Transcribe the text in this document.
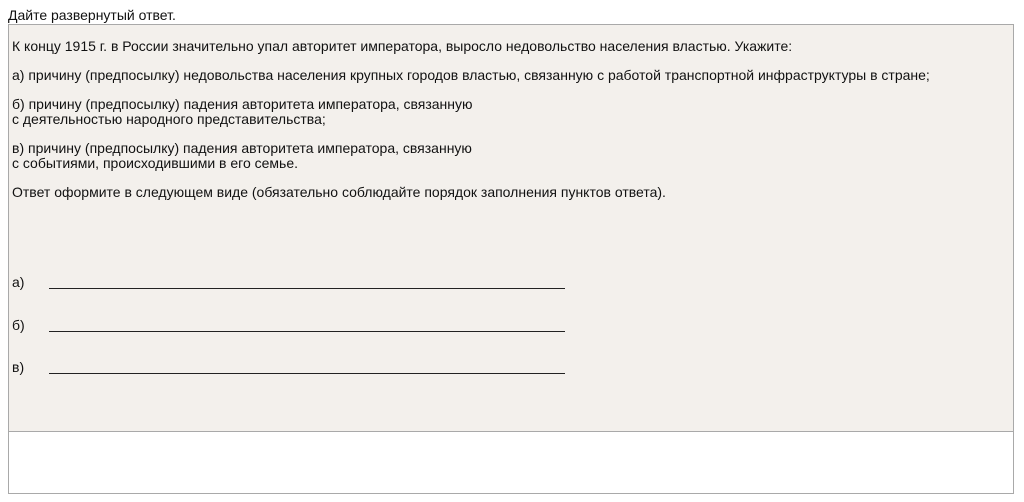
Дайте развернутый ответ.

К концу 1915 г. в России значительно упал авторитет императора, выросло недовольство населения властью. Укажите:

а) причину (предпосылку) недовольства населения крупных городов властью, связанную с работой транспортной инфраструктуры в стране;

б) причину (предпосылку) падения авторитета императора, связанную
с деятельностью народного представительства;

в) причину (предпосылку) падения авторитета императора, связанную
с событиями, происходившими в его семье.

Ответ оформите в следующем виде (обязательно соблюдайте порядок заполнения пунктов ответа).

а)
б)
в)
